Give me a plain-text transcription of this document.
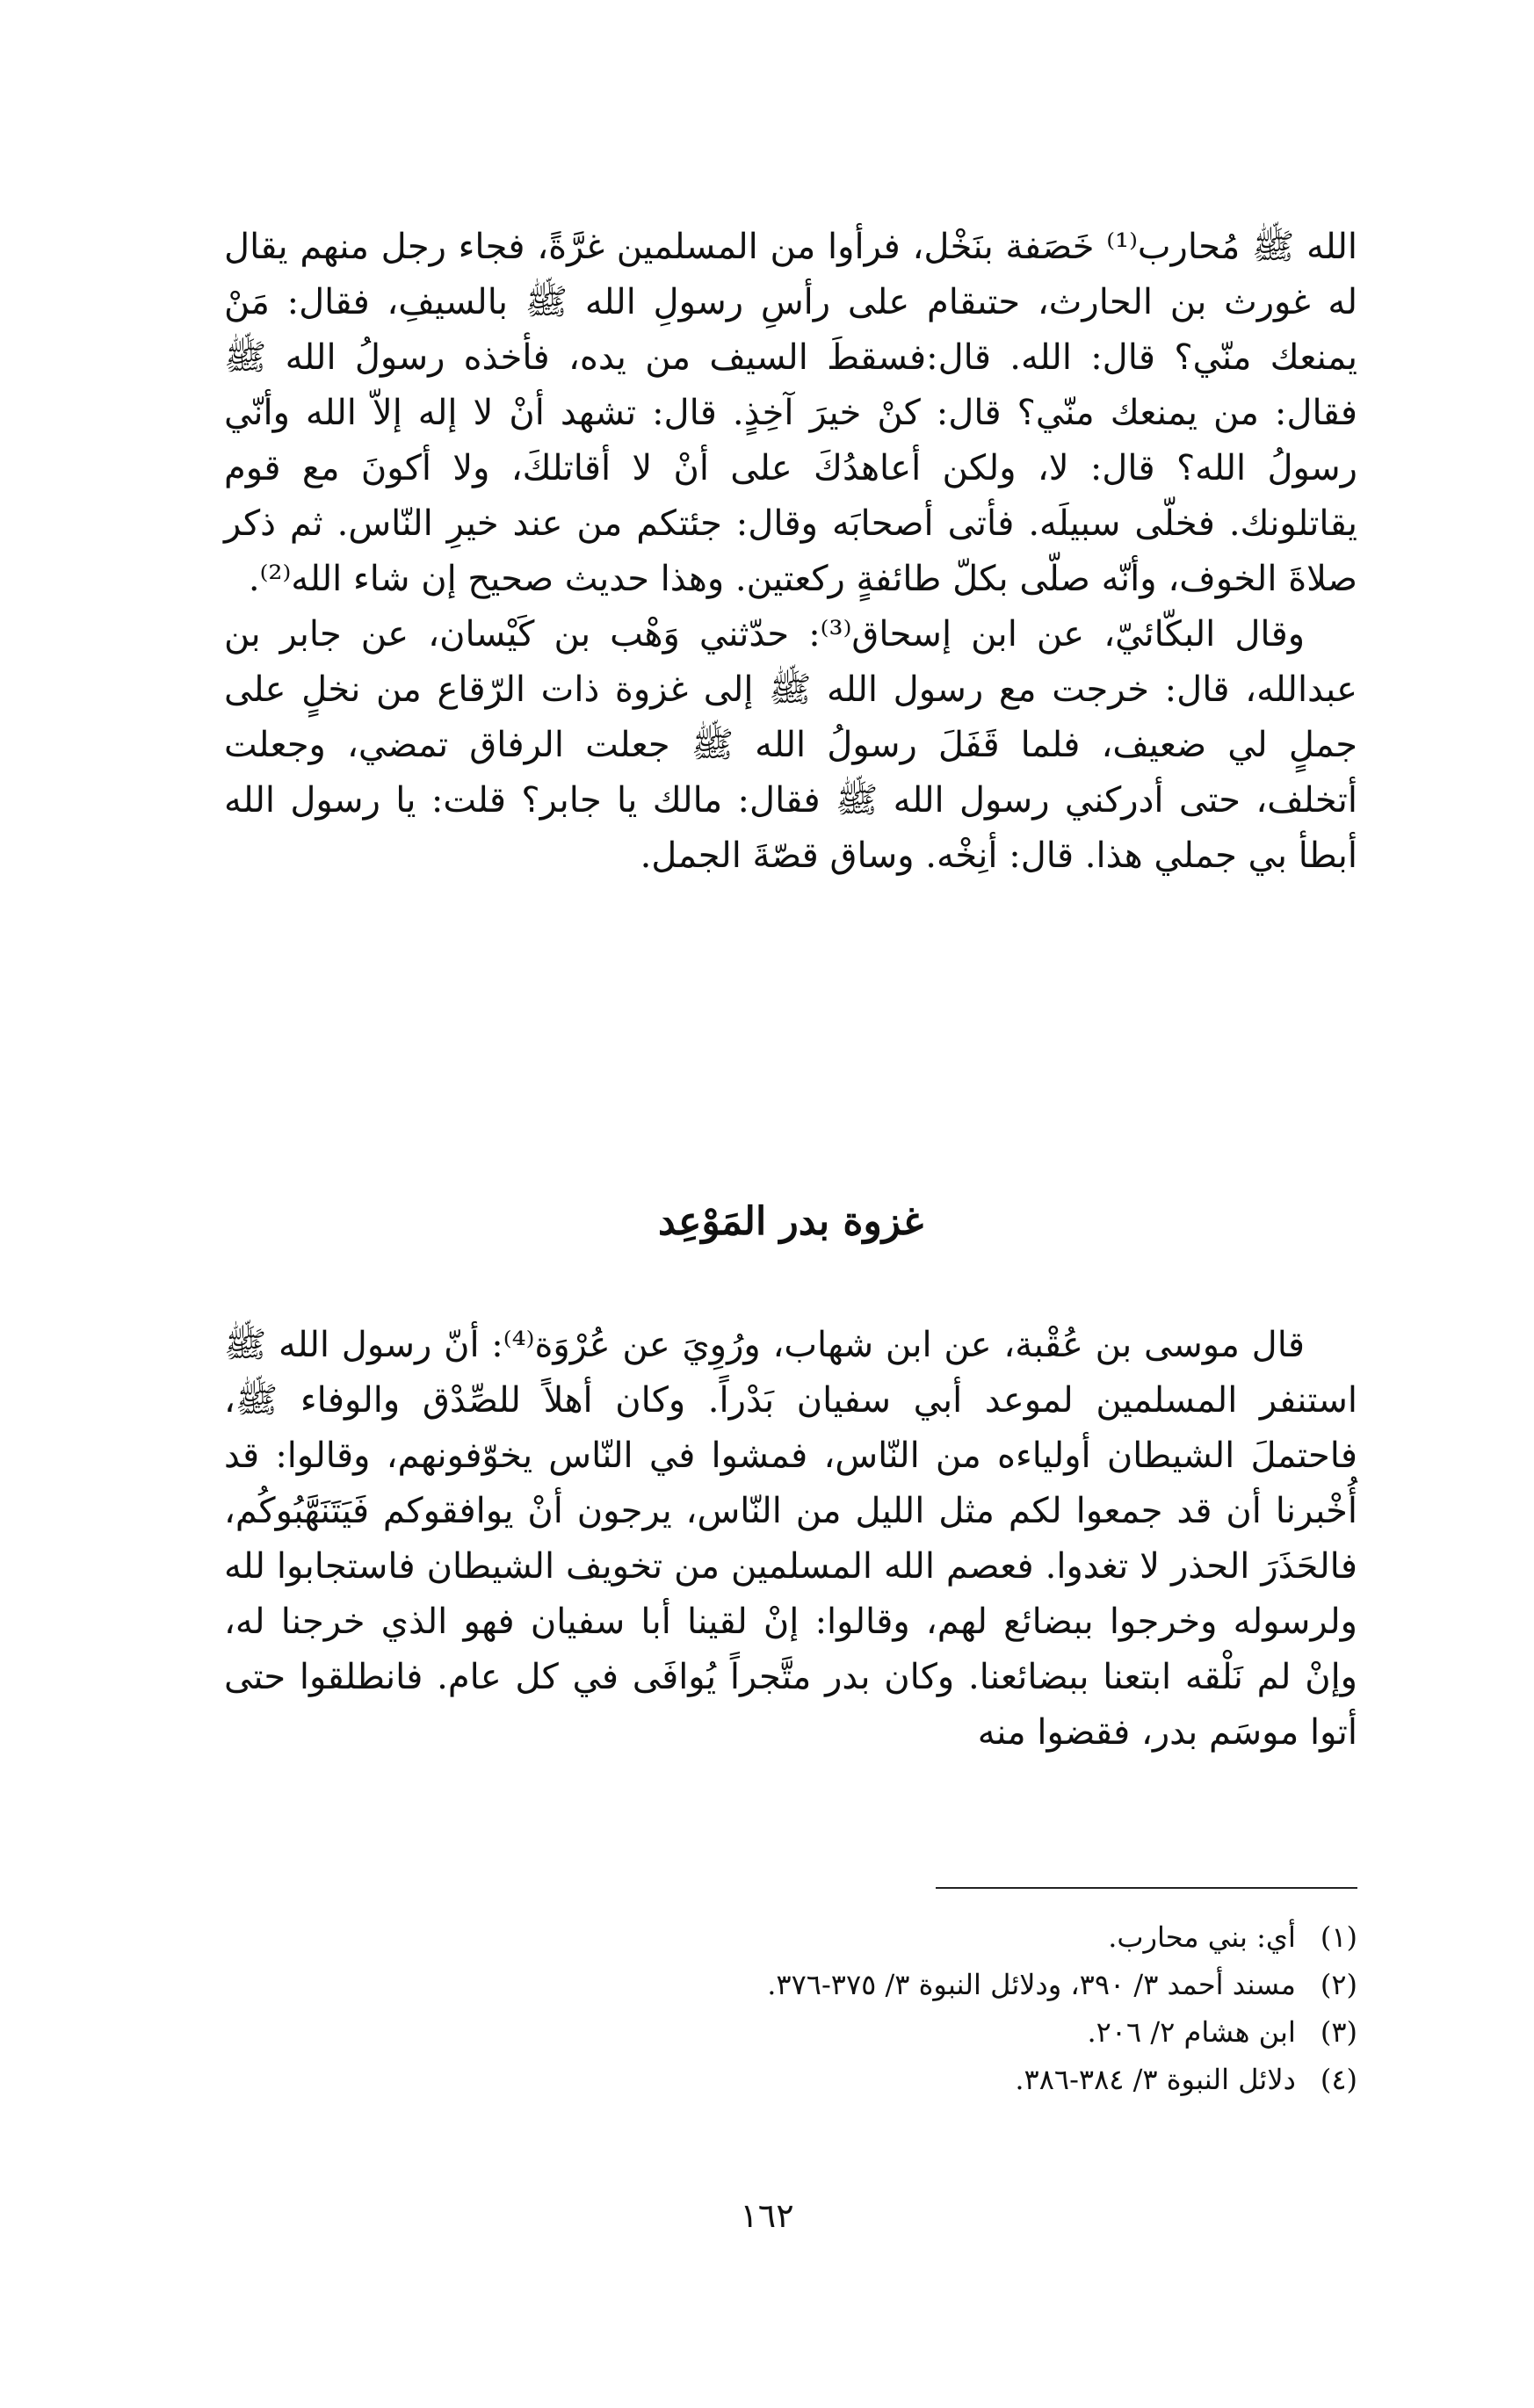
الله ﷺ مُحارب⁽¹⁾ خَصَفة بنَخْل، فرأوا من المسلمين غرَّةً، فجاء رجل منهم يقال له غورث بن الحارث، حتىقام على رأسِ رسولِ الله ﷺ بالسيفِ، فقال: مَنْ يمنعك منّي؟ قال: الله. قال:فسقطَ السيف من يده، فأخذه رسولُ الله ﷺ فقال: من يمنعك منّي؟ قال: كنْ خيرَ آخِذٍ. قال: تشهد أنْ لا إله إلاّ الله وأنّي رسولُ الله؟ قال: لا، ولكن أعاهدُكَ على أنْ لا أقاتلكَ، ولا أكونَ مع قوم يقاتلونك. فخلّى سبيلَه. فأتى أصحابَه وقال: جئتكم من عند خيرِ النّاس. ثم ذكر صلاةَ الخوف، وأنّه صلّى بكلّ طائفةٍ ركعتين. وهذا حديث صحيح إن شاء الله⁽²⁾.

وقال البكّائيّ، عن ابن إسحاق⁽³⁾: حدّثني وَهْب بن كَيْسان، عن جابر بن عبدالله، قال: خرجت مع رسول الله ﷺ إلى غزوة ذات الرّقاع من نخلٍ على جملٍ لي ضعيف، فلما قَفَلَ رسولُ الله ﷺ جعلت الرفاق تمضي، وجعلت أتخلف، حتى أدركني رسول الله ﷺ فقال: مالك يا جابر؟ قلت: يا رسول الله أبطأ بي جملي هذا. قال: أنِخْه. وساق قصّةَ الجمل.

غزوة بدر المَوْعِد

قال موسى بن عُقْبة، عن ابن شهاب، ورُوِيَ عن عُرْوَة⁽⁴⁾: أنّ رسول الله ﷺ استنفر المسلمين لموعد أبي سفيان بَدْراً. وكان أهلاً للصِّدْق والوفاء ﷺ، فاحتملَ الشيطان أولياءه من النّاس، فمشوا في النّاس يخوّفونهم، وقالوا: قد أُخْبرنا أن قد جمعوا لكم مثل الليل من النّاس، يرجون أنْ يوافقوكم فَيَتَنَهَّبُوكُم، فالحَذَرَ الحذر لا تغدوا. فعصم الله المسلمين من تخويف الشيطان فاستجابوا لله ولرسوله وخرجوا ببضائع لهم، وقالوا: إنْ لقينا أبا سفيان فهو الذي خرجنا له، وإنْ لم نَلْقه ابتعنا ببضائعنا. وكان بدر متَّجراً يُوافَى في كل عام. فانطلقوا حتى أتوا موسَم بدر، فقضوا منه

(١) أي: بني محارب.
(٢) مسند أحمد ٣/ ٣٩٠، ودلائل النبوة ٣/ ٣٧٥-٣٧٦.
(٣) ابن هشام ٢/ ٢٠٦.
(٤) دلائل النبوة ٣/ ٣٨٤-٣٨٦.
١٦٢
